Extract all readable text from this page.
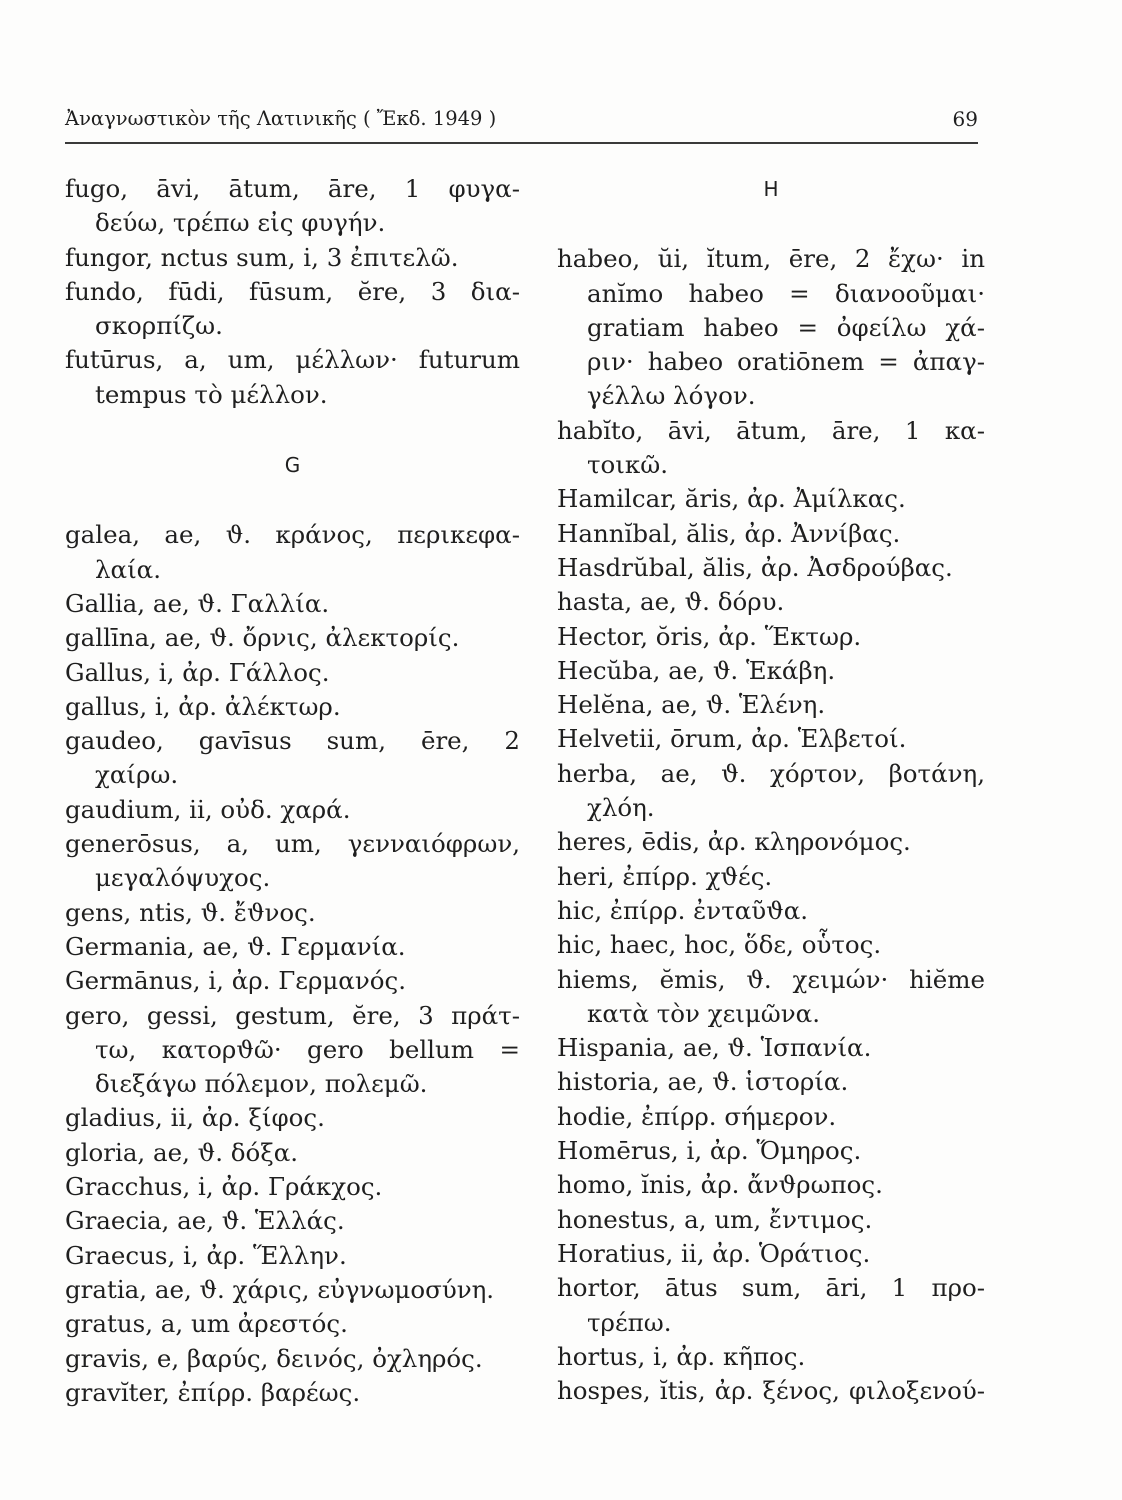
Ἀναγνωστικὸν τῆς Λατινικῆς ( Ἔκδ. 1949 )	69
fugo, āvi, ātum, āre, 1 φυγα-
δεύω, τρέπω εἰς φυγήν.
fungor, nctus sum, i, 3 ἐπιτελῶ.
fundo, fūdi, fūsum, ĕre, 3 δια-
σκορπίζω.
futūrus, a, um, μέλλων· futurum
tempus τὸ μέλλον.
G
galea, ae, ϑ. κράνος, περικεφα-
λαία.
Gallia, ae, ϑ. Γαλλία.
gallīna, ae, ϑ. ὄρνις, ἀλεκτορίς.
Gallus, i, ἀρ. Γάλλος.
gallus, i, ἀρ. ἀλέκτωρ.
gaudeo, gavīsus sum, ēre, 2
χαίρω.
gaudium, ii, οὐδ. χαρά.
generōsus, a, um, γενναιόφρων,
μεγαλόψυχος.
gens, ntis, ϑ. ἔϑνος.
Germania, ae, ϑ. Γερμανία.
Germānus, i, ἀρ. Γερμανός.
gero, gessi, gestum, ĕre, 3 πράτ-
τω, κατορϑῶ· gero bellum =
διεξάγω πόλεμον, πολεμῶ.
gladius, ii, ἀρ. ξίφος.
gloria, ae, ϑ. δόξα.
Gracchus, i, ἀρ. Γράκχος.
Graecia, ae, ϑ. Ἑλλάς.
Graecus, i, ἀρ. Ἕλλην.
gratia, ae, ϑ. χάρις, εὐγνωμοσύνη.
gratus, a, um ἀρεστός.
gravis, e, βαρύς, δεινός, ὀχληρός.
gravĭter, ἐπίρρ. βαρέως.
H
habeo, ŭi, ĭtum, ēre, 2 ἔχω· in
anĭmo habeo = διανοοῦμαι·
gratiam habeo = ὀφείλω χά-
ριν· habeo oratiōnem = ἀπαγ-
γέλλω λόγον.
habĭto, āvi, ātum, āre, 1 κα-
τοικῶ.
Hamilcar, ăris, ἀρ. Ἀμίλκας.
Hannĭbal, ălis, ἀρ. Ἀννίβας.
Hasdrŭbal, ălis, ἀρ. Ἀσδρούβας.
hasta, ae, ϑ. δόρυ.
Hector, ŏris, ἀρ. Ἕκτωρ.
Hecŭba, ae, ϑ. Ἑκάβη.
Helĕna, ae, ϑ. Ἑλένη.
Helvetii, ōrum, ἀρ. Ἑλβετοί.
herba, ae, ϑ. χόρτον, βοτάνη,
χλόη.
heres, ēdis, ἀρ. κληρονόμος.
heri, ἐπίρρ. χϑές.
hic, ἐπίρρ. ἐνταῦϑα.
hic, haec, hoc, ὅδε, οὗτος.
hiems, ĕmis, ϑ. χειμών· hiĕme
κατὰ τὸν χειμῶνα.
Hispania, ae, ϑ. Ἱσπανία.
historia, ae, ϑ. ἱστορία.
hodie, ἐπίρρ. σήμερον.
Homērus, i, ἀρ. Ὅμηρος.
homo, ĭnis, ἀρ. ἄνϑρωπος.
honestus, a, um, ἔντιμος.
Horatius, ii, ἀρ. Ὁράτιος.
hortor, ātus sum, āri, 1 προ-
τρέπω.
hortus, i, ἀρ. κῆπος.
hospes, ĭtis, ἀρ. ξένος, φιλοξενού-
